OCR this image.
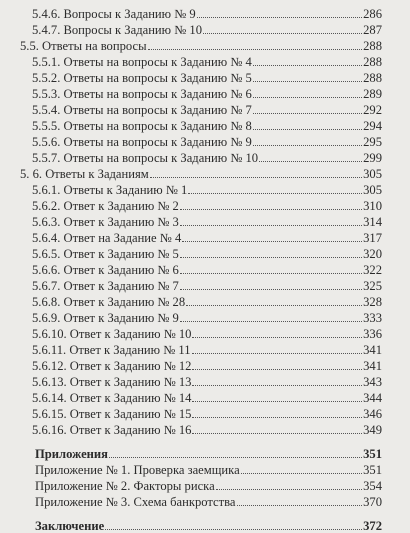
5.4.6. Вопросы к Заданию № 9	286
5.4.7. Вопросы к Заданию № 10	287
5.5. Ответы на вопросы	288
5.5.1. Ответы на вопросы к Заданию № 4	288
5.5.2. Ответы на вопросы к Заданию № 5	288
5.5.3. Ответы на вопросы к Заданию № 6	289
5.5.4. Ответы на вопросы к Заданию № 7	292
5.5.5. Ответы на вопросы к Заданию № 8	294
5.5.6. Ответы на вопросы к Заданию № 9	295
5.5.7. Ответы на вопросы к Заданию № 10	299
5. 6. Ответы к Заданиям	305
5.6.1. Ответы к Заданию № 1	305
5.6.2. Ответ к Заданию № 2	310
5.6.3. Ответ к Заданию № 3	314
5.6.4. Ответ на Задание № 4	317
5.6.5. Ответ к Заданию № 5	320
5.6.6. Ответ к Заданию № 6	322
5.6.7. Ответ к Заданию № 7	325
5.6.8. Ответ к Заданию № 28	328
5.6.9. Ответ к Заданию № 9	333
5.6.10. Ответ к Заданию № 10	336
5.6.11. Ответ к Заданию № 11	341
5.6.12. Ответ к Заданию № 12	341
5.6.13. Ответ к Заданию № 13	343
5.6.14. Ответ к Заданию № 14	344
5.6.15. Ответ к Заданию № 15	346
5.6.16. Ответ к Заданию № 16	349
Приложения	351
Приложение № 1. Проверка заемщика	351
Приложение № 2. Факторы риска	354
Приложение № 3. Схема банкротства	370
Заключение	372
